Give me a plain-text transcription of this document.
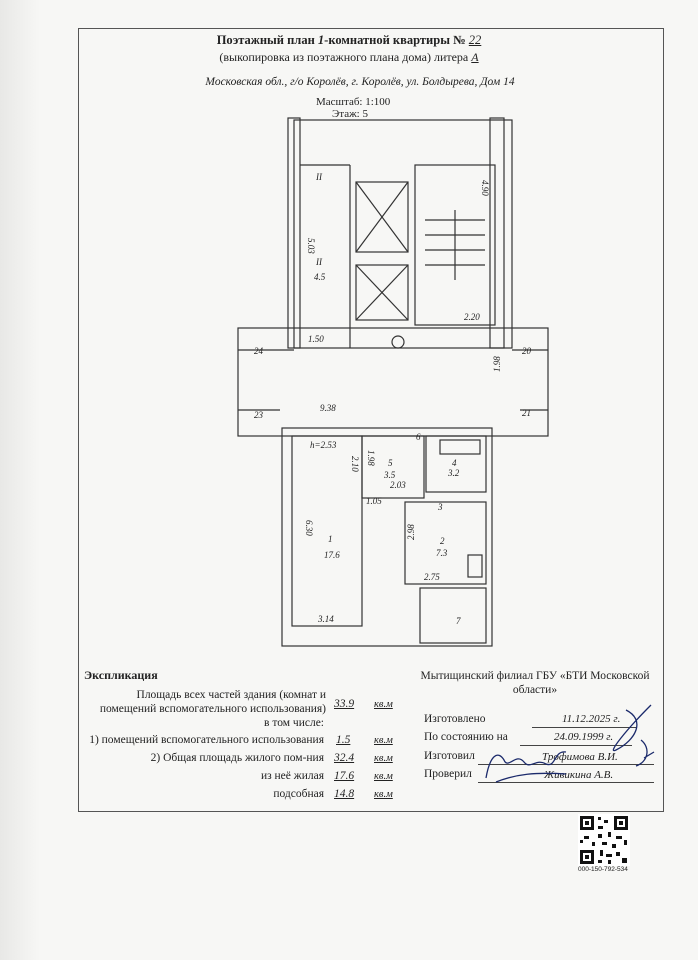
Поэтажный план 1-комнатной квартиры № 22
(выкопировка из поэтажного плана дома) литера А
Московская обл., г/о Королёв, г. Королёв, ул. Болдырева, Дом 14
Масштаб: 1:100
Этаж: 5
II
II
4.5
1.50
2.20
9.38
h=2.53
1
17.6
2
7.3
3
4
3.2
5
3.5
6
7
3.14
2.03
1.05
2.75
24	20
23	21
5.03
4.90
1.98
6.30
2.10 1.98
2.98
Экспликация
Площадь всех частей здания (комнат и
помещений вспомогательного использования) 33.9 кв.м
в том числе:
1) помещений вспомогательного использования 1.5 кв.м
2) Общая площадь жилого пом-ния 32.4 кв.м
из неё жилая 17.6 кв.м
подсобная 14.8 кв.м
Мытищинский филиал ГБУ «БТИ Московской области»
Изготовлено	11.12.2025 г.
По состоянию на	24.09.1999 г.
Изготовил	Трофимова В.И.
Проверил	Живикина А.В.
000-150-792-534
